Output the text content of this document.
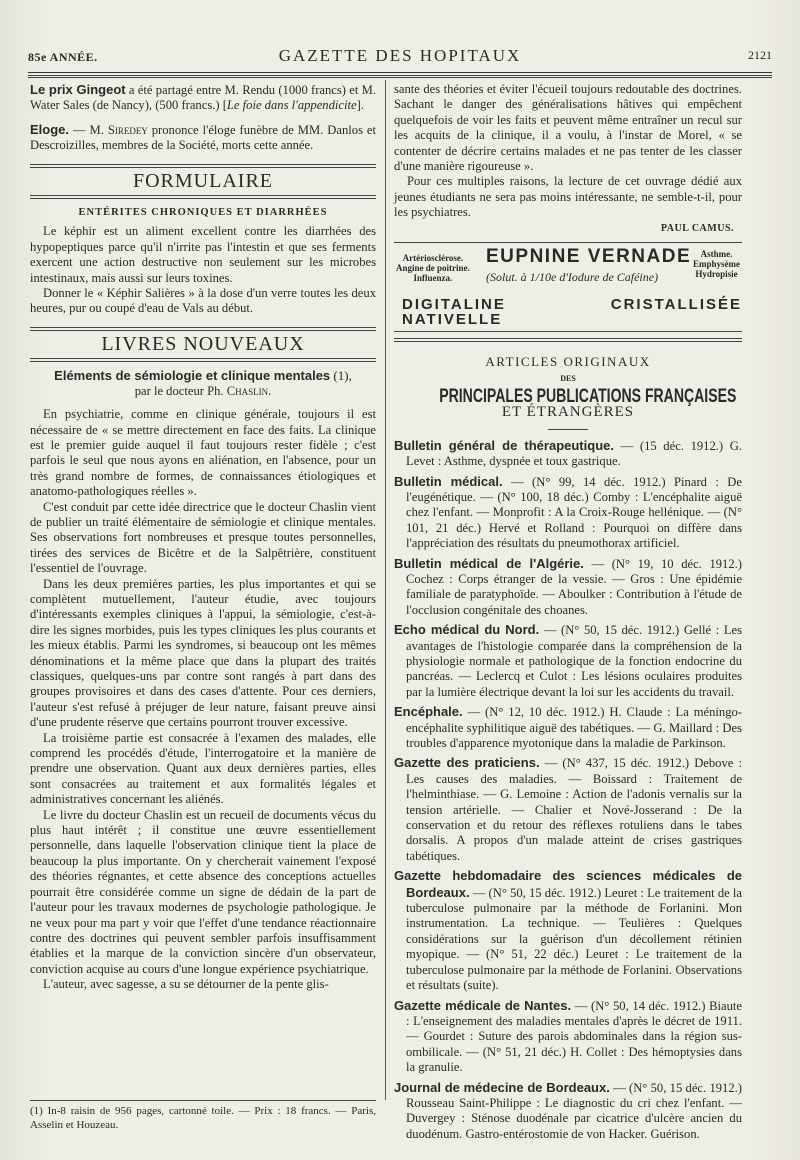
85e ANNÉE.	GAZETTE DES HOPITAUX	2121

Le prix Gingeot a été partagé entre M. Rendu (1000 francs) et M. Water Sales (de Nancy), (500 francs.) [Le foie dans l'appendicite].

Eloge. — M. Siredey prononce l'éloge funèbre de MM. Danlos et Descroizilles, membres de la Société, morts cette année.

FORMULAIRE
ENTÉRITES CHRONIQUES ET DIARRHÉES

Le képhir est un aliment excellent contre les diarrhées des hypopeptiques parce qu'il n'irrite pas l'intestin et que ses ferments exercent une action destructive non seulement sur les microbes intestinaux, mais aussi sur leurs toxines.

Donner le « Képhir Salières » à la dose d'un verre toutes les deux heures, pur ou coupé d'eau de Vals au début.

LIVRES NOUVEAUX
Eléments de sémiologie et clinique mentales (1),
par le docteur Ph. Chaslin.

En psychiatrie, comme en clinique générale, toujours il est nécessaire de « se mettre directement en face des faits. La clinique est le premier guide auquel il faut toujours rester fidèle ; c'est parfois le seul que nous ayons en aliénation, en l'absence, pour un très grand nombre de formes, de connaissances étiologiques et anatomo-pathologiques réelles ».

C'est conduit par cette idée directrice que le docteur Chaslin vient de publier un traité élémentaire de sémiologie et clinique mentales. Ses observations fort nombreuses et presque toutes personnelles, tirées des services de Bicêtre et de la Salpêtrière, constituent l'essentiel de l'ouvrage.

Dans les deux premières parties, les plus importantes et qui se complètent mutuellement, l'auteur étudie, avec toujours d'intéressants exemples cliniques à l'appui, la sémiologie, c'est-à-dire les signes morbides, puis les types cliniques les plus courants et les mieux établis. Parmi les syndromes, si beaucoup ont les mêmes dénominations et la même place que dans la plupart des traités classiques, quelques-uns par contre sont rangés à part dans des groupes provisoires et dans des cases d'attente. Pour ces derniers, l'auteur s'est refusé à préjuger de leur nature, faisant preuve ainsi d'une prudente réserve que certains pourront trouver excessive.

La troisième partie est consacrée à l'examen des malades, elle comprend les procédés d'étude, l'interrogatoire et la manière de prendre une observation. Quant aux deux dernières parties, elles sont consacrées au traitement et aux formalités légales et administratives concernant les aliénés.

Le livre du docteur Chaslin est un recueil de documents vécus du plus haut intérêt ; il constitue une œuvre essentiellement personnelle, dans laquelle l'observation clinique tient la place de beaucoup la plus importante. On y chercherait vainement l'exposé des théories régnantes, et cette absence des conceptions actuelles pourrait être considérée comme un signe de dédain de la part de l'auteur pour les travaux modernes de psychologie pathologique. Je ne veux pour ma part y voir que l'effet d'une tendance réactionnaire contre des doctrines qui peuvent sembler parfois insuffisamment établies et la marque de la conviction sincère d'un observateur, conviction acquise au cours d'une longue expérience psychiatrique.

L'auteur, avec sagesse, a su se détourner de la pente glis-

(1) In-8 raisin de 956 pages, cartonné toile. — Prix : 18 francs. — Paris, Asselin et Houzeau.

sante des théories et éviter l'écueil toujours redoutable des doctrines. Sachant le danger des généralisations hâtives qui empêchent quelquefois de voir les faits et peuvent même entraîner un recul sur les acquits de la clinique, il a voulu, à l'instar de Morel, « se contenter de décrire certains malades et ne pas tenter de les classer d'une manière rigoureuse ».

Pour ces multiples raisons, la lecture de cet ouvrage dédié aux jeunes étudiants ne sera pas moins intéressante, ne semble-t-il, pour les psychiatres.

PAUL CAMUS.
Artériosclérose.
Angine de poitrine.
Influenza.
EUPNINE VERNADE
(Solut. à 1/10e d'Iodure de Caféine)
Asthme.
Emphysème
Hydropisie
DIGITALINE CRISTALLISÉE NATIVELLE
ARTICLES ORIGINAUX
DES
PRINCIPALES PUBLICATIONS FRANÇAISES
ET ÉTRANGÈRES

Bulletin général de thérapeutique. — (15 déc. 1912.) G. Levet : Asthme, dyspnée et toux gastrique.

Bulletin médical. — (N° 99, 14 déc. 1912.) Pinard : De l'eugénétique. — (N° 100, 18 déc.) Comby : L'encéphalite aiguë chez l'enfant. — Monprofit : A la Croix-Rouge hellénique. — (N° 101, 21 déc.) Hervé et Rolland : Pourquoi on diffère dans l'appréciation des résultats du pneumothorax artificiel.

Bulletin médical de l'Algérie. — (N° 19, 10 déc. 1912.) Cochez : Corps étranger de la vessie. — Gros : Une épidémie familiale de paratyphoïde. — Aboulker : Contribution à l'étude de l'occlusion congénitale des choanes.

Echo médical du Nord. — (N° 50, 15 déc. 1912.) Gellé : Les avantages de l'histologie comparée dans la compréhension de la physiologie normale et pathologique de la fonction endocrine du pancréas. — Leclercq et Culot : Les lésions oculaires produites par la lumière électrique devant la loi sur les accidents du travail.

Encéphale. — (N° 12, 10 déc. 1912.) H. Claude : La méningo-encéphalite syphilitique aiguë des tabétiques. — G. Maillard : Des troubles d'apparence myotonique dans la maladie de Parkinson.

Gazette des praticiens. — (N° 437, 15 déc. 1912.) Debove : Les causes des maladies. — Boissard : Traitement de l'helminthiase. — G. Lemoine : Action de l'adonis vernalis sur la tension artérielle. — Chalier et Nové-Josserand : De la conservation et du retour des réflexes rotuliens dans le tabes dorsalis. A propos d'un malade atteint de crises gastriques tabétiques.

Gazette hebdomadaire des sciences médicales de Bordeaux. — (N° 50, 15 déc. 1912.) Leuret : Le traitement de la tuberculose pulmonaire par la méthode de Forlanini. Mon instrumentation. La technique. — Teulières : Quelques considérations sur la guérison d'un décollement rétinien myopique. — (N° 51, 22 déc.) Leuret : Le traitement de la tuberculose pulmonaire par la méthode de Forlanini. Observations et résultats (suite).

Gazette médicale de Nantes. — (N° 50, 14 déc. 1912.) Biaute : L'enseignement des maladies mentales d'après le décret de 1911. — Gourdet : Suture des parois abdominales dans la région sus-ombilicale. — (N° 51, 21 déc.) H. Collet : Des hémoptysies dans la granulie.

Journal de médecine de Bordeaux. — (N° 50, 15 déc. 1912.) Rousseau Saint-Philippe : Le diagnostic du cri chez l'enfant. — Duvergey : Sténose duodénale par cicatrice d'ulcère ancien du duodénum. Gastro-entérostomie de von Hacker. Guérison.
